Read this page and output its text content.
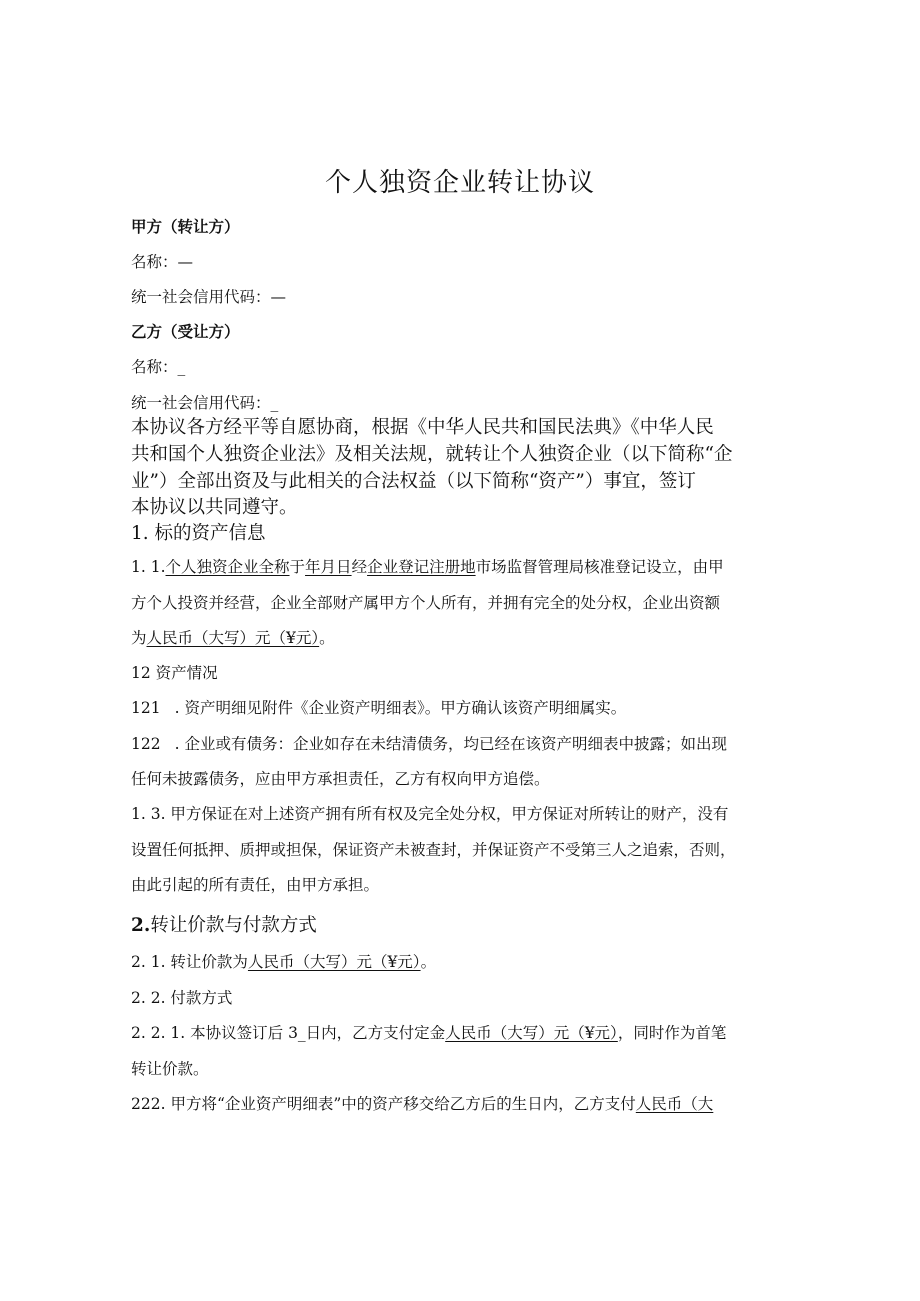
个人独资企业转让协议
甲方（转让方）
名称：—
统一社会信用代码：—
乙方（受让方）
名称：_
统一社会信用代码：_
本协议各方经平等自愿协商，根据《中华人民共和国民法典》《中华人民
共和国个人独资企业法》及相关法规，就转让个人独资企业（以下简称“企
业”）全部出资及与此相关的合法权益（以下简称“资产”）事宜，签订
本协议以共同遵守。
1. 标的资产信息
1. 1.个人独资企业全称于年月日经企业登记注册地市场监督管理局核准登记设立，由甲
方个人投资并经营，企业全部财产属甲方个人所有，并拥有完全的处分权，企业出资额
为人民币（大写）元（¥元）。
12 资产情况
121 . 资产明细见附件《企业资产明细表》。甲方确认该资产明细属实。
122 . 企业或有债务：企业如存在未结清债务，均已经在该资产明细表中披露；如出现
任何未披露债务，应由甲方承担责任，乙方有权向甲方追偿。
1. 3. 甲方保证在对上述资产拥有所有权及完全处分权，甲方保证对所转让的财产，没有
设置任何抵押、质押或担保，保证资产未被查封，并保证资产不受第三人之追索，否则，
由此引起的所有责任，由甲方承担。
2.转让价款与付款方式
2. 1. 转让价款为人民币（大写）元（¥元）。
2. 2. 付款方式
2. 2. 1. 本协议签订后 3_日内，乙方支付定金人民币（大写）元（¥元），同时作为首笔
转让价款。
222. 甲方将“企业资产明细表”中的资产移交给乙方后的生日内，乙方支付人民币（大
